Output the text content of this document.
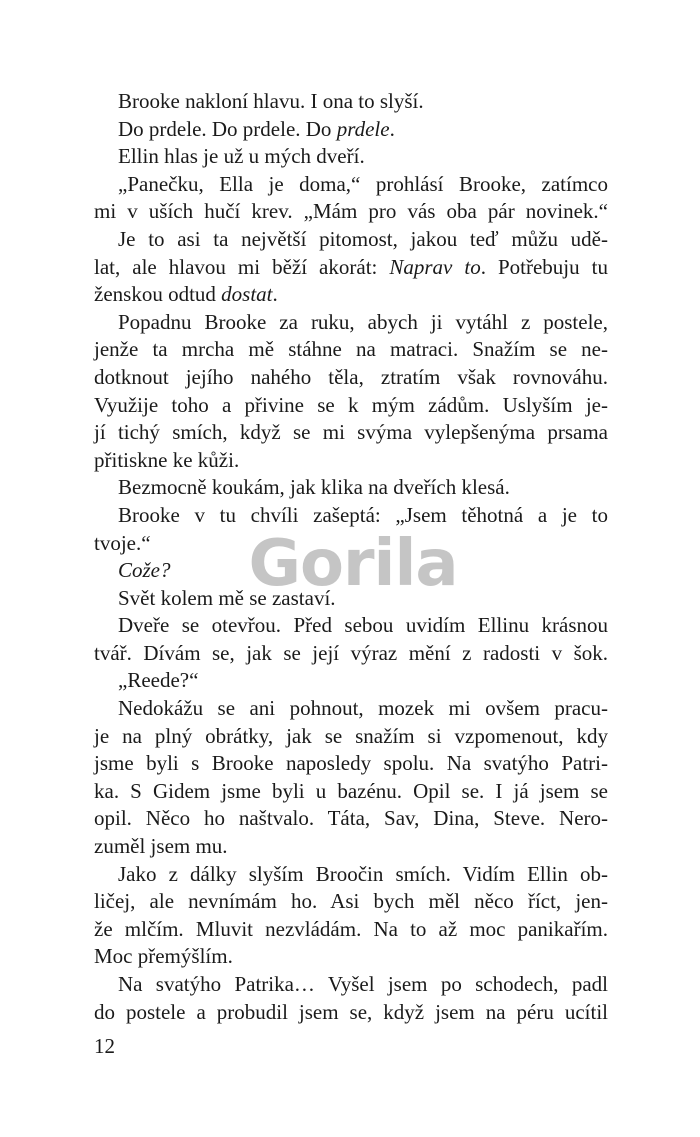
Brooke nakloní hlavu. I ona to slyší.
Do prdele. Do prdele. Do prdele.
Ellin hlas je už u mých dveří.
„Panečku, Ella je doma,“ prohlásí Brooke, zatímco
mi v uších hučí krev. „Mám pro vás oba pár novinek.“
Je to asi ta největší pitomost, jakou teď můžu udě-
lat, ale hlavou mi běží akorát: Naprav to. Potřebuju tu
ženskou odtud dostat.
Popadnu Brooke za ruku, abych ji vytáhl z postele,
jenže ta mrcha mě stáhne na matraci. Snažím se ne-
dotknout jejího nahého těla, ztratím však rovnováhu.
Využije toho a přivine se k mým zádům. Uslyším je-
jí tichý smích, když se mi svýma vylepšenýma prsama
přitiskne ke kůži.
Bezmocně koukám, jak klika na dveřích klesá.
Brooke v tu chvíli zašeptá: „Jsem těhotná a je to
tvoje.“
Cože?
Svět kolem mě se zastaví.
Dveře se otevřou. Před sebou uvidím Ellinu krásnou
tvář. Dívám se, jak se její výraz mění z radosti v šok.
„Reede?“
Nedokážu se ani pohnout, mozek mi ovšem pracu-
je na plný obrátky, jak se snažím si vzpomenout, kdy
jsme byli s Brooke naposledy spolu. Na svatýho Patri-
ka. S Gidem jsme byli u bazénu. Opil se. I já jsem se
opil. Něco ho naštvalo. Táta, Sav, Dina, Steve. Nero-
zuměl jsem mu.
Jako z dálky slyším Broočin smích. Vidím Ellin ob-
ličej, ale nevnímám ho. Asi bych měl něco říct, jen-
že mlčím. Mluvit nezvládám. Na to až moc panikařím.
Moc přemýšlím.
Na svatýho Patrika… Vyšel jsem po schodech, padl
do postele a probudil jsem se, když jsem na péru ucítil
12
Gorila
